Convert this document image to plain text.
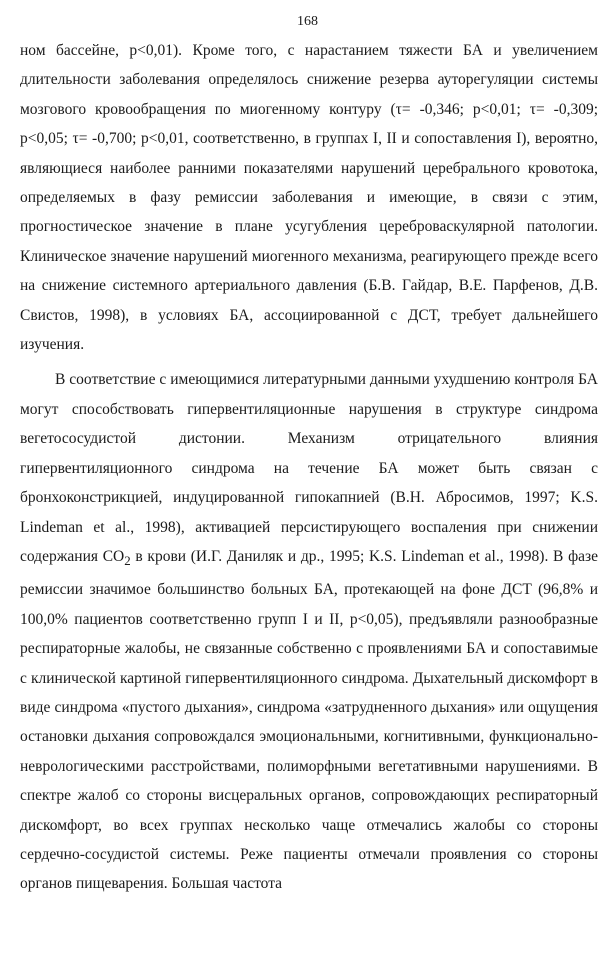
168

ном бассейне, p<0,01). Кроме того, с нарастанием тяжести БА и увеличением длительности заболевания определялось снижение резерва ауторегуляции системы мозгового кровообращения по миогенному контуру (τ= -0,346; p<0,01; τ= -0,309; p<0,05; τ= -0,700; p<0,01, соответственно, в группах I, II и сопоставления I), вероятно, являющиеся наиболее ранними показателями нарушений церебрального кровотока, определяемых в фазу ремиссии заболевания и имеющие, в связи с этим, прогностическое значение в плане усугубления цереброваскулярной патологии. Клиническое значение нарушений миогенного механизма, реагирующего прежде всего на снижение системного артериального давления (Б.В. Гайдар, В.Е. Парфенов, Д.В. Свистов, 1998), в условиях БА, ассоциированной с ДСТ, требует дальнейшего изучения.

В соответствие с имеющимися литературными данными ухудшению контроля БА могут способствовать гипервентиляционные нарушения в структуре синдрома вегетососудистой дистонии. Механизм отрицательного влияния гипервентиляционного синдрома на течение БА может быть связан с бронхоконстрикцией, индуцированной гипокапнией (В.Н. Абросимов, 1997; K.S. Lindeman et al., 1998), активацией персистирующего воспаления при снижении содержания $CO_2$ в крови (И.Г. Даниляк и др., 1995; K.S. Lindeman et al., 1998). В фазе ремиссии значимое большинство больных БА, протекающей на фоне ДСТ (96,8% и 100,0% пациентов соответственно групп I и II, p<0,05), предъявляли разнообразные респираторные жалобы, не связанные собственно с проявлениями БА и сопоставимые с клинической картиной гипервентиляционного синдрома. Дыхательный дискомфорт в виде синдрома «пустого дыхания», синдрома «затрудненного дыхания» или ощущения остановки дыхания сопровождался эмоциональными, когнитивными, функционально-неврологическими расстройствами, полиморфными вегетативными нарушениями. В спектре жалоб со стороны висцеральных органов, сопровождающих респираторный дискомфорт, во всех группах несколько чаще отмечались жалобы со стороны сердечно-сосудистой системы. Реже пациенты отмечали проявления со стороны органов пищеварения. Большая частота
